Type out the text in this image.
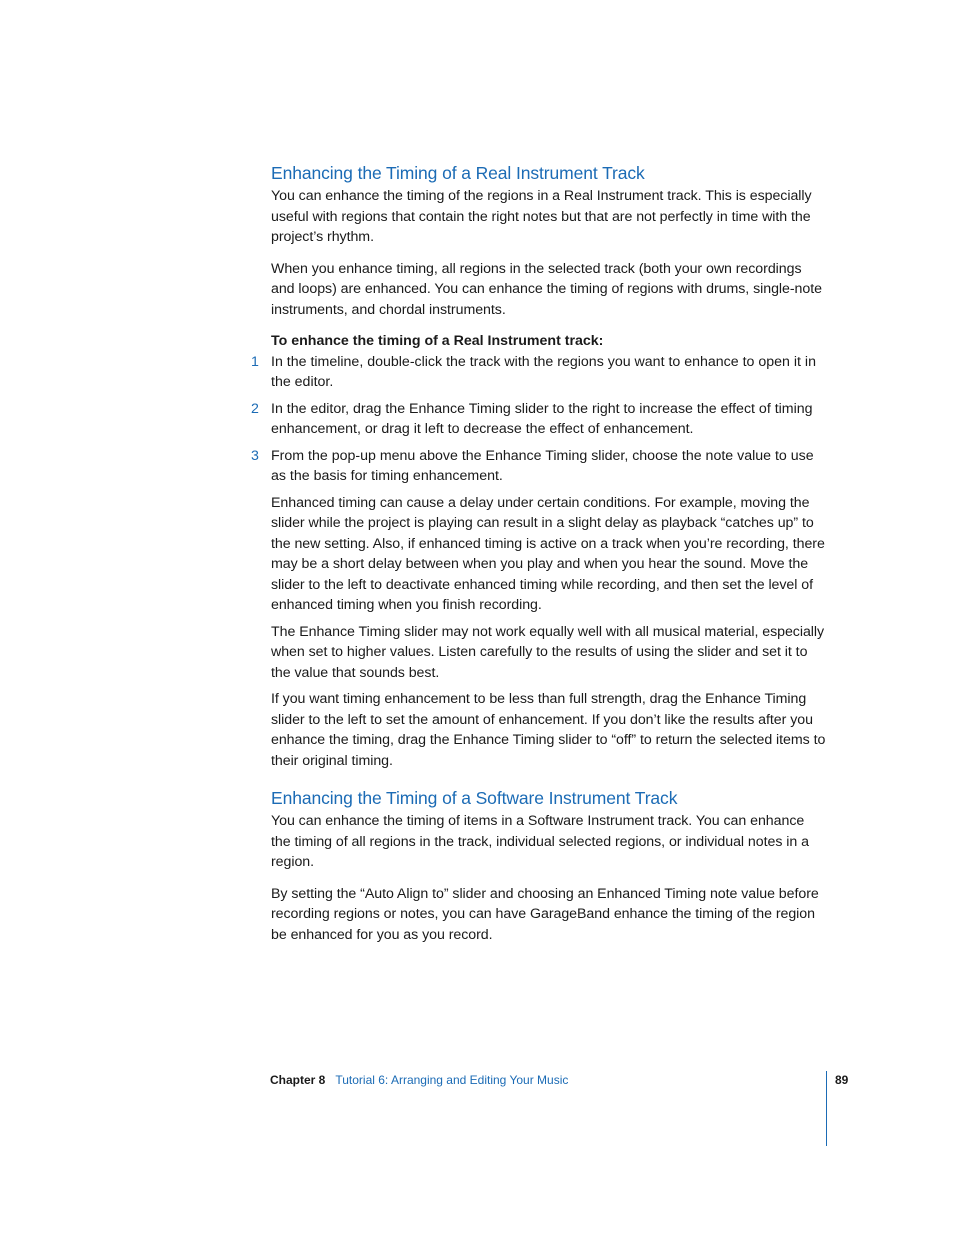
Enhancing the Timing of a Real Instrument Track

You can enhance the timing of the regions in a Real Instrument track. This is especially useful with regions that contain the right notes but that are not perfectly in time with the project’s rhythm.

When you enhance timing, all regions in the selected track (both your own recordings and loops) are enhanced. You can enhance the timing of regions with drums, single-note instruments, and chordal instruments.

To enhance the timing of a Real Instrument track:
1 In the timeline, double-click the track with the regions you want to enhance to open it in the editor.
2 In the editor, drag the Enhance Timing slider to the right to increase the effect of timing enhancement, or drag it left to decrease the effect of enhancement.
3 From the pop-up menu above the Enhance Timing slider, choose the note value to use as the basis for timing enhancement.

Enhanced timing can cause a delay under certain conditions. For example, moving the slider while the project is playing can result in a slight delay as playback “catches up” to the new setting. Also, if enhanced timing is active on a track when you’re recording, there may be a short delay between when you play and when you hear the sound. Move the slider to the left to deactivate enhanced timing while recording, and then set the level of enhanced timing when you finish recording.

The Enhance Timing slider may not work equally well with all musical material, especially when set to higher values. Listen carefully to the results of using the slider and set it to the value that sounds best.

If you want timing enhancement to be less than full strength, drag the Enhance Timing slider to the left to set the amount of enhancement. If you don’t like the results after you enhance the timing, drag the Enhance Timing slider to “off” to return the selected items to their original timing.

Enhancing the Timing of a Software Instrument Track

You can enhance the timing of items in a Software Instrument track. You can enhance the timing of all regions in the track, individual selected regions, or individual notes in a region.

By setting the “Auto Align to” slider and choosing an Enhanced Timing note value before recording regions or notes, you can have GarageBand enhance the timing of the region be enhanced for you as you record.

Chapter 8 Tutorial 6: Arranging and Editing Your Music	89
